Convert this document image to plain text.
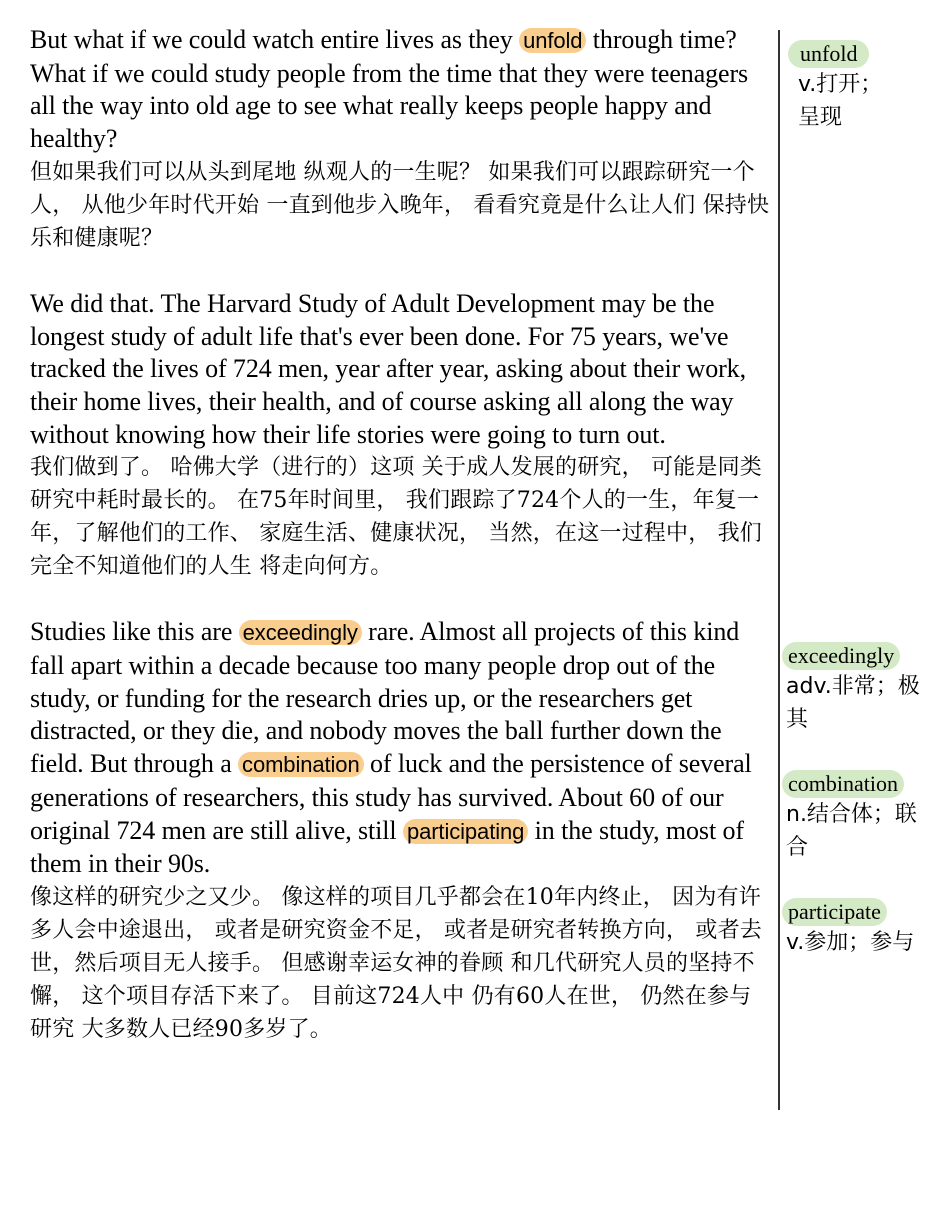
But what if we could watch entire lives as they unfold through time? What if we could study people from the time that they were teenagers all the way into old age to see what really keeps people happy and healthy?

但如果我们可以从头到尾地 纵观人的一生呢？ 如果我们可以跟踪研究一个人， 从他少年时代开始 一直到他步入晚年， 看看究竟是什么让人们 保持快乐和健康呢？

We did that. The Harvard Study of Adult Development may be the longest study of adult life that's ever been done. For 75 years, we've tracked the lives of 724 men, year after year, asking about their work, their home lives, their health, and of course asking all along the way without knowing how their life stories were going to turn out.

我们做到了。 哈佛大学（进行的）这项 关于成人发展的研究， 可能是同类研究中耗时最长的。 在75年时间里， 我们跟踪了724个人的一生，年复一年，了解他们的工作、 家庭生活、健康状况， 当然，在这一过程中， 我们完全不知道他们的人生 将走向何方。

Studies like this are exceedingly rare. Almost all projects of this kind fall apart within a decade because too many people drop out of the study, or funding for the research dries up, or the researchers get distracted, or they die, and nobody moves the ball further down the field. But through a combination of luck and the persistence of several generations of researchers, this study has survived. About 60 of our original 724 men are still alive, still participating in the study, most of them in their 90s.

像这样的研究少之又少。 像这样的项目几乎都会在10年内终止， 因为有许多人会中途退出， 或者是研究资金不足， 或者是研究者转换方向， 或者去世，然后项目无人接手。 但感谢幸运女神的眷顾 和几代研究人员的坚持不懈， 这个项目存活下来了。 目前这724人中 仍有60人在世， 仍然在参与研究 大多数人已经90多岁了。

unfold

v.打开；呈现

exceedingly

adv.非常；极其

combination

n.结合体；联合

participate

v.参加；参与
